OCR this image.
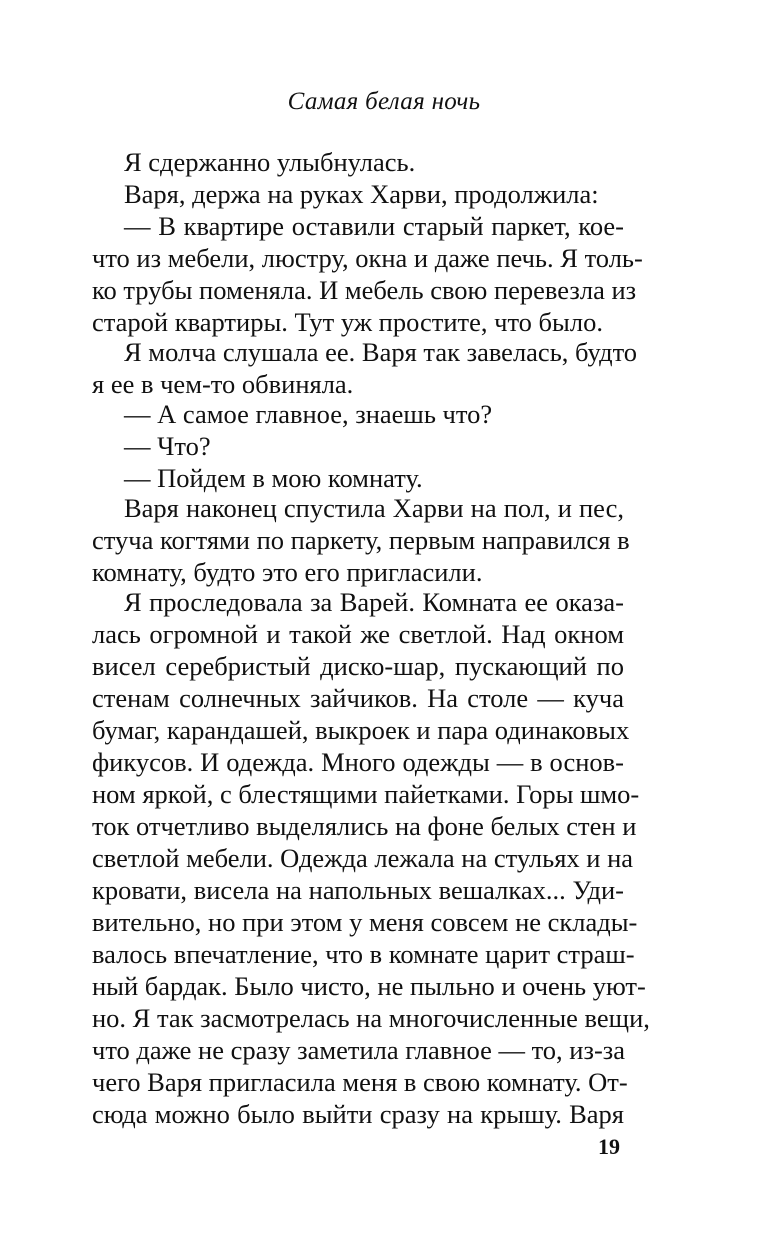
Самая белая ночь
Я сдержанно улыбнулась.
Варя, держа на руках Харви, продолжила:
— В квартире оставили старый паркет, кое-
что из мебели, люстру, окна и даже печь. Я толь-
ко трубы поменяла. И мебель свою перевезла из
старой квартиры. Тут уж простите, что было.
Я молча слушала ее. Варя так завелась, будто
я ее в чем-то обвиняла.
— А самое главное, знаешь что?
— Что?
— Пойдем в мою комнату.
Варя наконец спустила Харви на пол, и пес,
стуча когтями по паркету, первым направился в
комнату, будто это его пригласили.
Я проследовала за Варей. Комната ее оказа-
лась огромной и такой же светлой. Над окном
висел серебристый диско-шар, пускающий по
стенам солнечных зайчиков. На столе — куча
бумаг, карандашей, выкроек и пара одинаковых
фикусов. И одежда. Много одежды — в основ-
ном яркой, с блестящими пайетками. Горы шмо-
ток отчетливо выделялись на фоне белых стен и
светлой мебели. Одежда лежала на стульях и на
кровати, висела на напольных вешалках... Уди-
вительно, но при этом у меня совсем не склады-
валось впечатление, что в комнате царит страш-
ный бардак. Было чисто, не пыльно и очень уют-
но. Я так засмотрелась на многочисленные вещи,
что даже не сразу заметила главное — то, из-за
чего Варя пригласила меня в свою комнату. От-
сюда можно было выйти сразу на крышу. Варя
19
